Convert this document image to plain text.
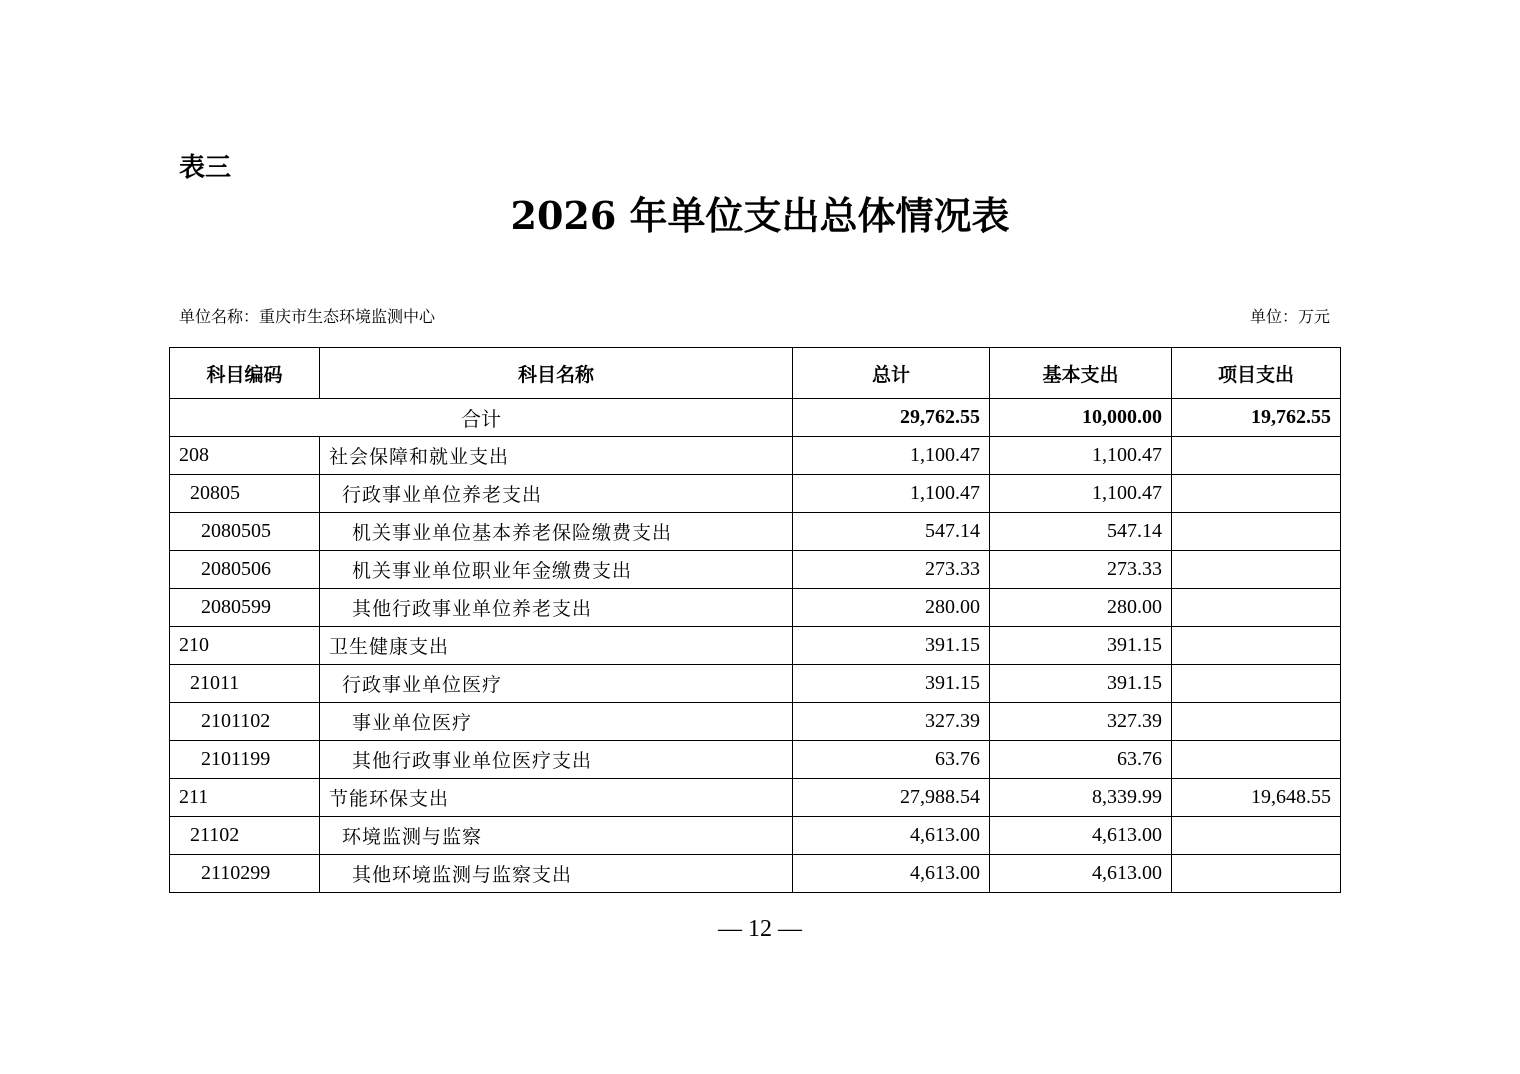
表三
2026 年单位支出总体情况表
单位名称：重庆市生态环境监测中心	单位：万元
科目编码	科目名称	总计	基本支出	项目支出
合计		29,762.55	10,000.00	19,762.55
208	社会保障和就业支出	1,100.47	1,100.47	
20805	行政事业单位养老支出	1,100.47	1,100.47	
2080505	机关事业单位基本养老保险缴费支出	547.14	547.14	
2080506	机关事业单位职业年金缴费支出	273.33	273.33	
2080599	其他行政事业单位养老支出	280.00	280.00	
210	卫生健康支出	391.15	391.15	
21011	行政事业单位医疗	391.15	391.15	
2101102	事业单位医疗	327.39	327.39	
2101199	其他行政事业单位医疗支出	63.76	63.76	
211	节能环保支出	27,988.54	8,339.99	19,648.55
21102	环境监测与监察	4,613.00	4,613.00	
2110299	其他环境监测与监察支出	4,613.00	4,613.00	
— 12 —
